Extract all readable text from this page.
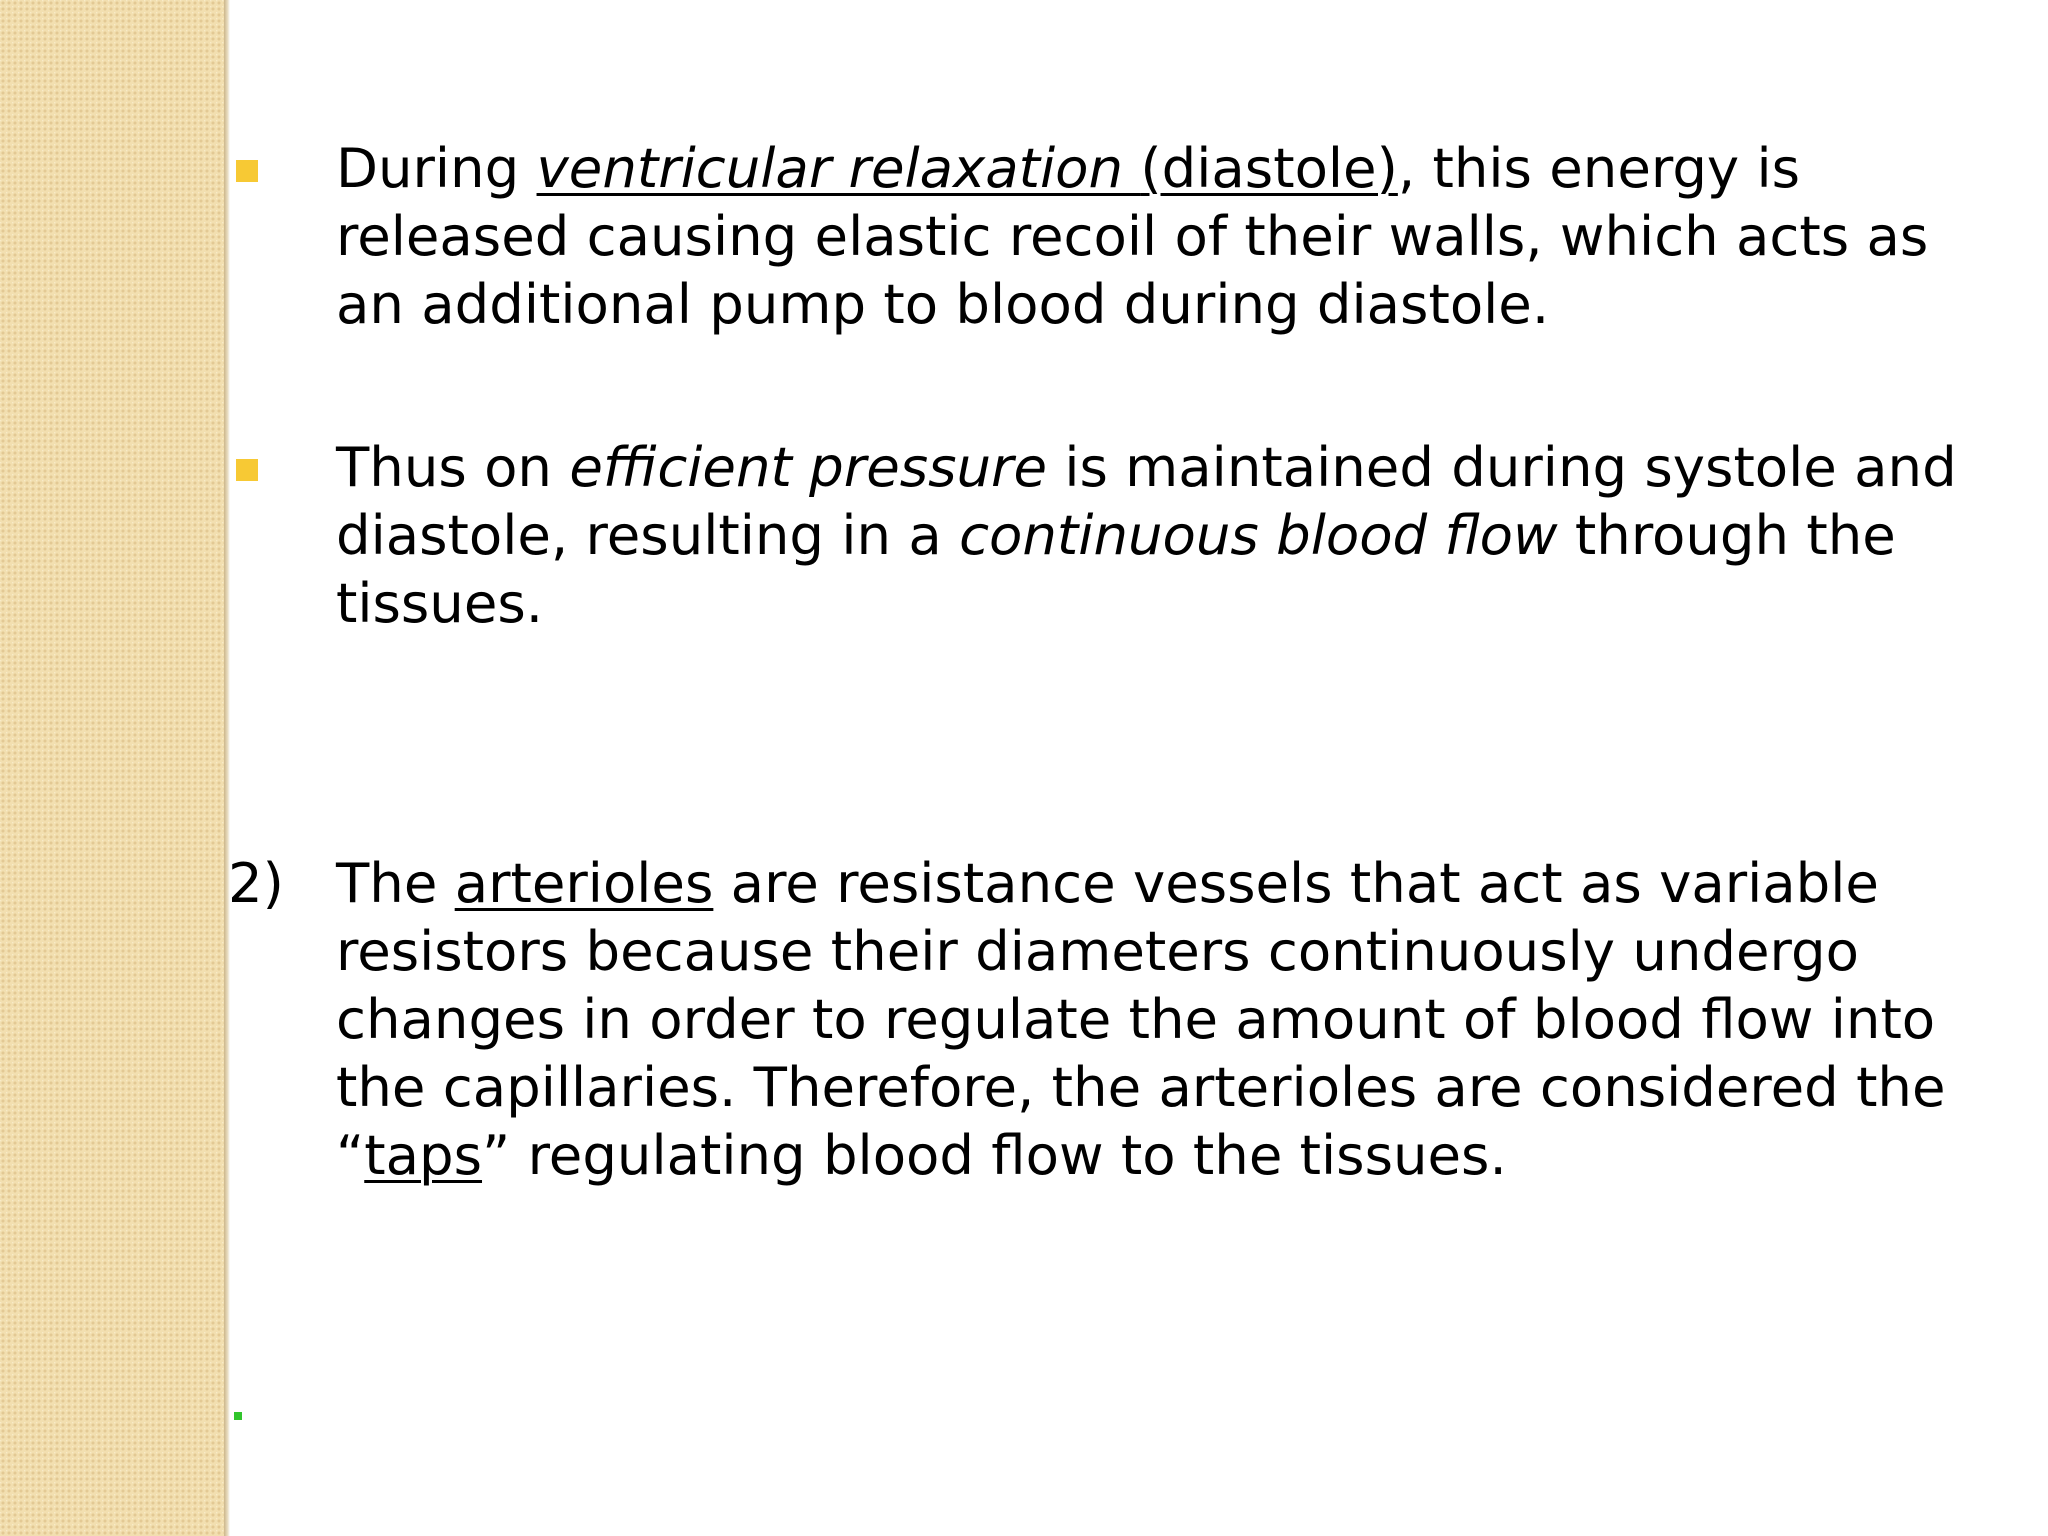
During ventricular relaxation (diastole), this energy is
released causing elastic recoil of their walls, which acts as
an additional pump to blood during diastole.
Thus on efficient pressure is maintained during systole and
diastole, resulting in a continuous blood flow through the
tissues.
2) The arterioles are resistance vessels that act as variable
resistors because their diameters continuously undergo
changes in order to regulate the amount of blood flow into
the capillaries. Therefore, the arterioles are considered the
“taps” regulating blood flow to the tissues.
